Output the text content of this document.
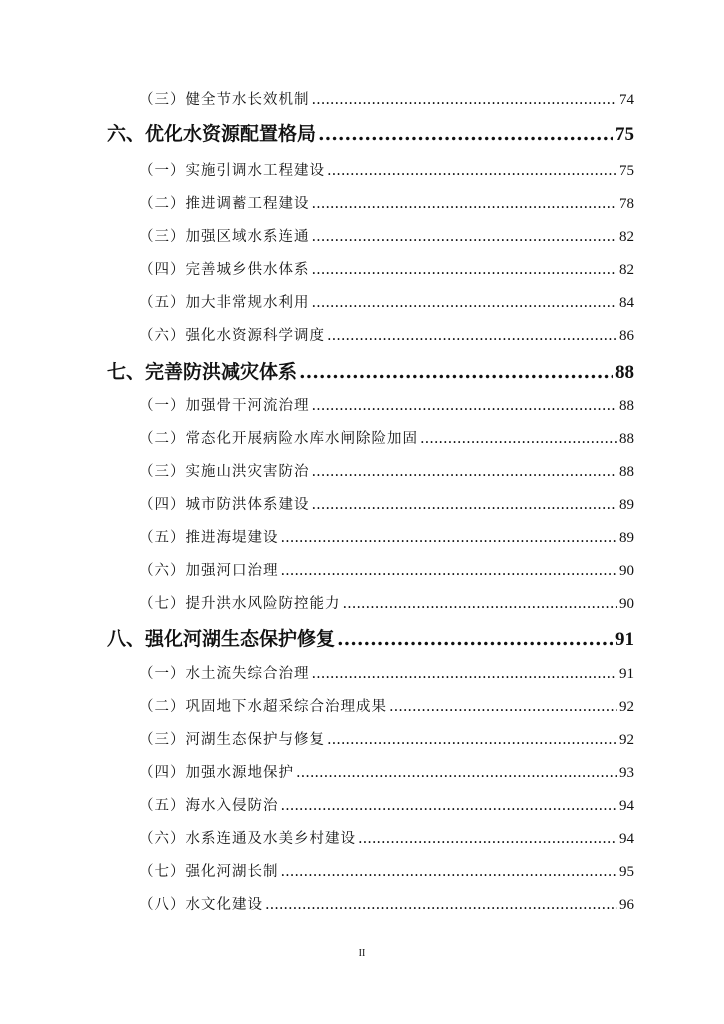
（三） 健全节水长效机制 .....	74
六、 优化水资源配置格局 .....	75
（一） 实施引调水工程建设 .....	75
（二） 推进调蓄工程建设 .....	78
（三） 加强区域水系连通 .....	82
（四） 完善城乡供水体系 .....	82
（五） 加大非常规水利用 .....	84
（六） 强化水资源科学调度 .....	86
七、 完善防洪减灾体系 .....	88
（一） 加强骨干河流治理 .....	88
（二） 常态化开展病险水库水闸除险加固 .....	88
（三） 实施山洪灾害防治 .....	88
（四） 城市防洪体系建设 .....	89
（五） 推进海堤建设 .....	89
（六） 加强河口治理 .....	90
（七） 提升洪水风险防控能力 .....	90
八、 强化河湖生态保护修复 .....	91
（一） 水土流失综合治理 .....	91
（二） 巩固地下水超采综合治理成果 .....	92
（三） 河湖生态保护与修复 .....	92
（四） 加强水源地保护 .....	93
（五） 海水入侵防治 .....	94
（六） 水系连通及水美乡村建设 .....	94
（七） 强化河湖长制 .....	95
（八） 水文化建设 .....	96
II
